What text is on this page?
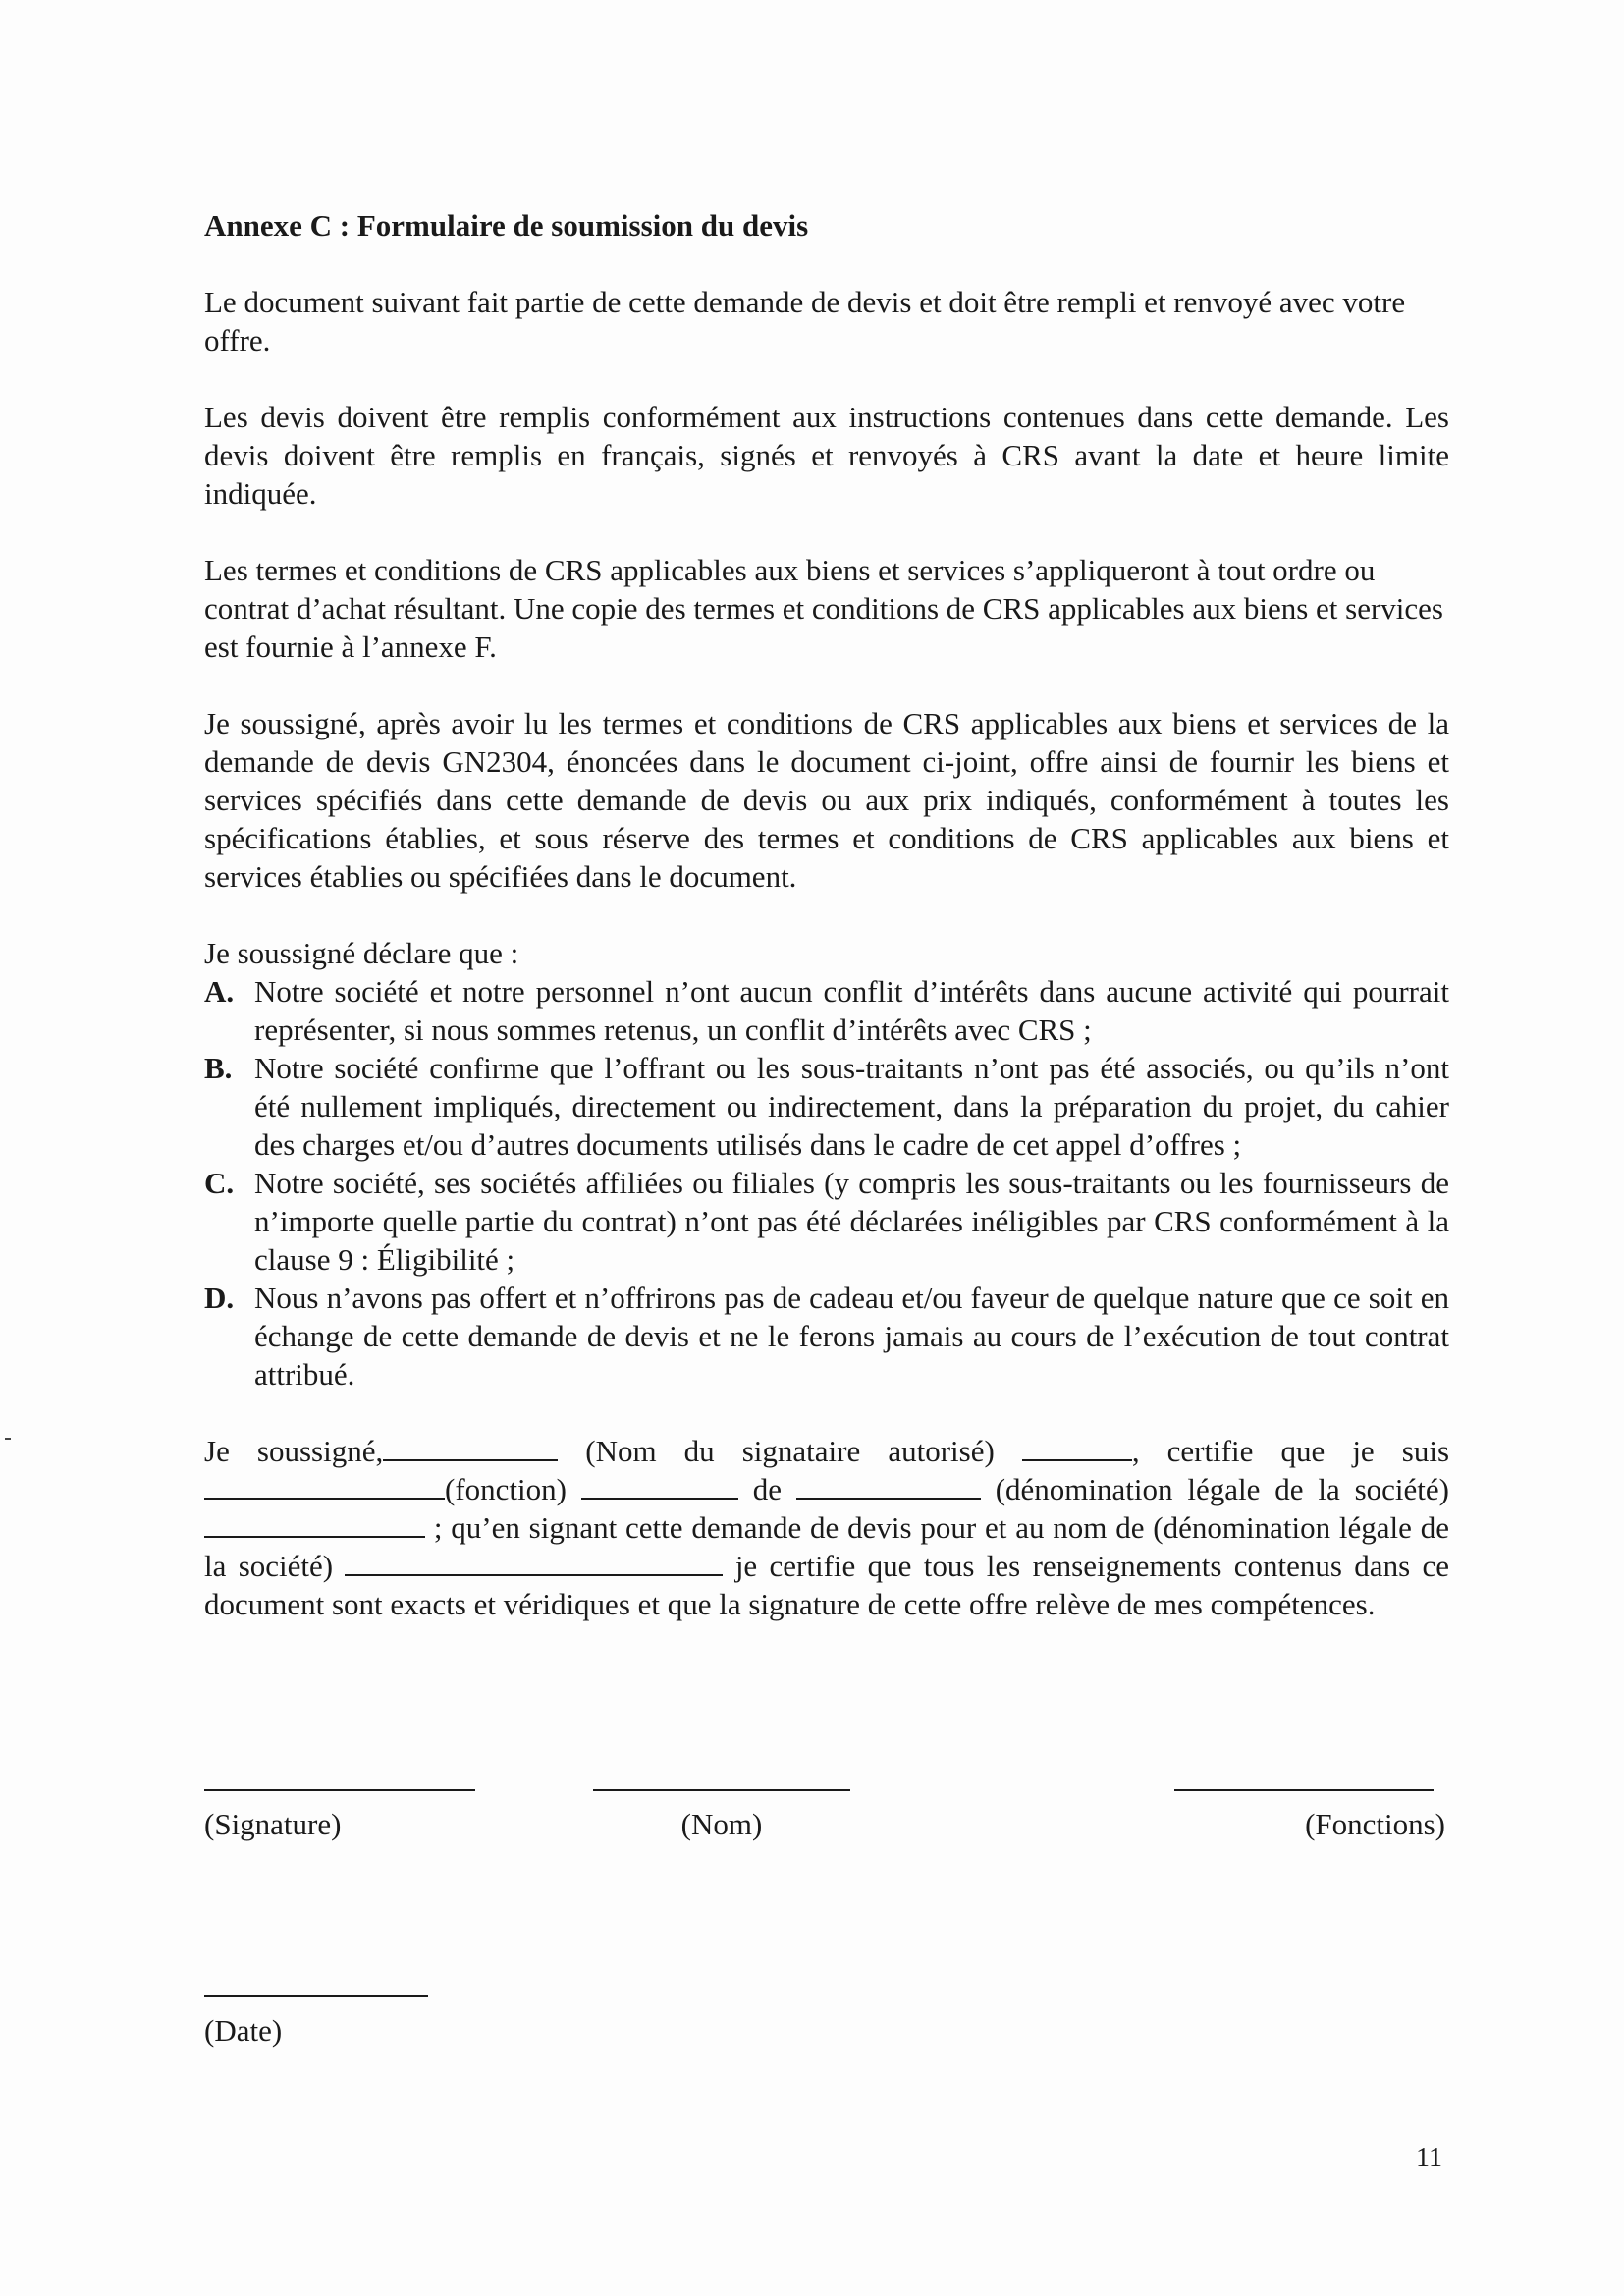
Annexe C : Formulaire de soumission du devis

Le document suivant fait partie de cette demande de devis et doit être rempli et renvoyé avec votre offre.

Les devis doivent être remplis conformément aux instructions contenues dans cette demande. Les devis doivent être remplis en français, signés et renvoyés à CRS avant la date et heure limite indiquée.

Les termes et conditions de CRS applicables aux biens et services s’appliqueront à tout ordre ou contrat d’achat résultant. Une copie des termes et conditions de CRS applicables aux biens et services est fournie à l’annexe F.

Je soussigné, après avoir lu les termes et conditions de CRS applicables aux biens et services de la demande de devis GN2304, énoncées dans le document ci-joint, offre ainsi de fournir les biens et services spécifiés dans cette demande de devis ou aux prix indiqués, conformément à toutes les spécifications établies, et sous réserve des termes et conditions de CRS applicables aux biens et services établies ou spécifiées dans le document.

Je soussigné déclare que :

A. Notre société et notre personnel n’ont aucun conflit d’intérêts dans aucune activité qui pourrait représenter, si nous sommes retenus, un conflit d’intérêts avec CRS ;
B. Notre société confirme que l’offrant ou les sous-traitants n’ont pas été associés, ou qu’ils n’ont été nullement impliqués, directement ou indirectement, dans la préparation du projet, du cahier des charges et/ou d’autres documents utilisés dans le cadre de cet appel d’offres ;
C. Notre société, ses sociétés affiliées ou filiales (y compris les sous-traitants ou les fournisseurs de n’importe quelle partie du contrat) n’ont pas été déclarées inéligibles par CRS conformément à la clause 9 : Éligibilité ;
D. Nous n’avons pas offert et n’offrirons pas de cadeau et/ou faveur de quelque nature que ce soit en échange de cette demande de devis et ne le ferons jamais au cours de l’exécution de tout contrat attribué.

Je soussigné,	(Nom du signataire autorisé)	, certifie que je suis (fonction)	de	(dénomination légale de la société) ; qu’en signant cette demande de devis pour et au nom de (dénomination légale de la société)	je certifie que tous les renseignements contenus dans ce document sont exacts et véridiques et que la signature de cette offre relève de mes compétences.

(Signature)	(Nom)	(Fonctions)
(Date)
11
